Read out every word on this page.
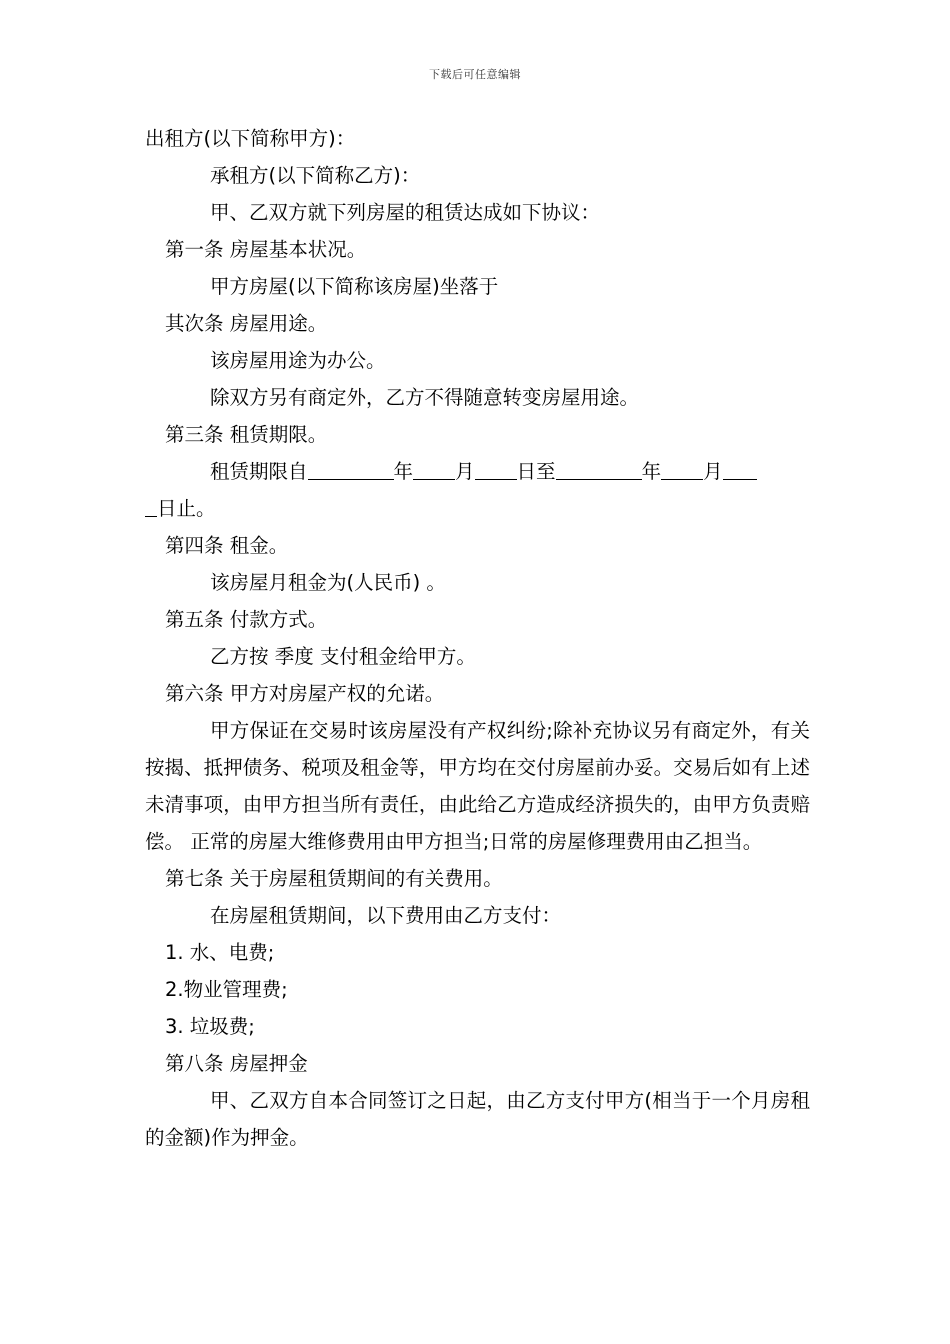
下载后可任意编辑
出租方(以下简称甲方)：
承租方(以下简称乙方)：
甲、乙双方就下列房屋的租赁达成如下协议：
第一条 房屋基本状况。
甲方房屋(以下简称该房屋)坐落于
其次条 房屋用途。
该房屋用途为办公。
除双方另有商定外，乙方不得随意转变房屋用途。
第三条 租赁期限。
租赁期限自	年 月 日至	年 月
日止。
第四条 租金。
该房屋月租金为(人民币) 。
第五条 付款方式。
乙方按 季度 支付租金给甲方。
第六条 甲方对房屋产权的允诺。
甲方保证在交易时该房屋没有产权纠纷;除补充协议另有商定外，有关按揭、抵押债务、税项及租金等，甲方均在交付房屋前办妥。交易后如有上述未清事项，由甲方担当所有责任，由此给乙方造成经济损失的，由甲方负责赔偿。 正常的房屋大维修费用由甲方担当;日常的房屋修理费用由乙担当。
第七条 关于房屋租赁期间的有关费用。
在房屋租赁期间，以下费用由乙方支付：
1. 水、电费;
2.物业管理费;
3. 垃圾费;
第八条 房屋押金
甲、乙双方自本合同签订之日起，由乙方支付甲方(相当于一个月房租的金额)作为押金。
